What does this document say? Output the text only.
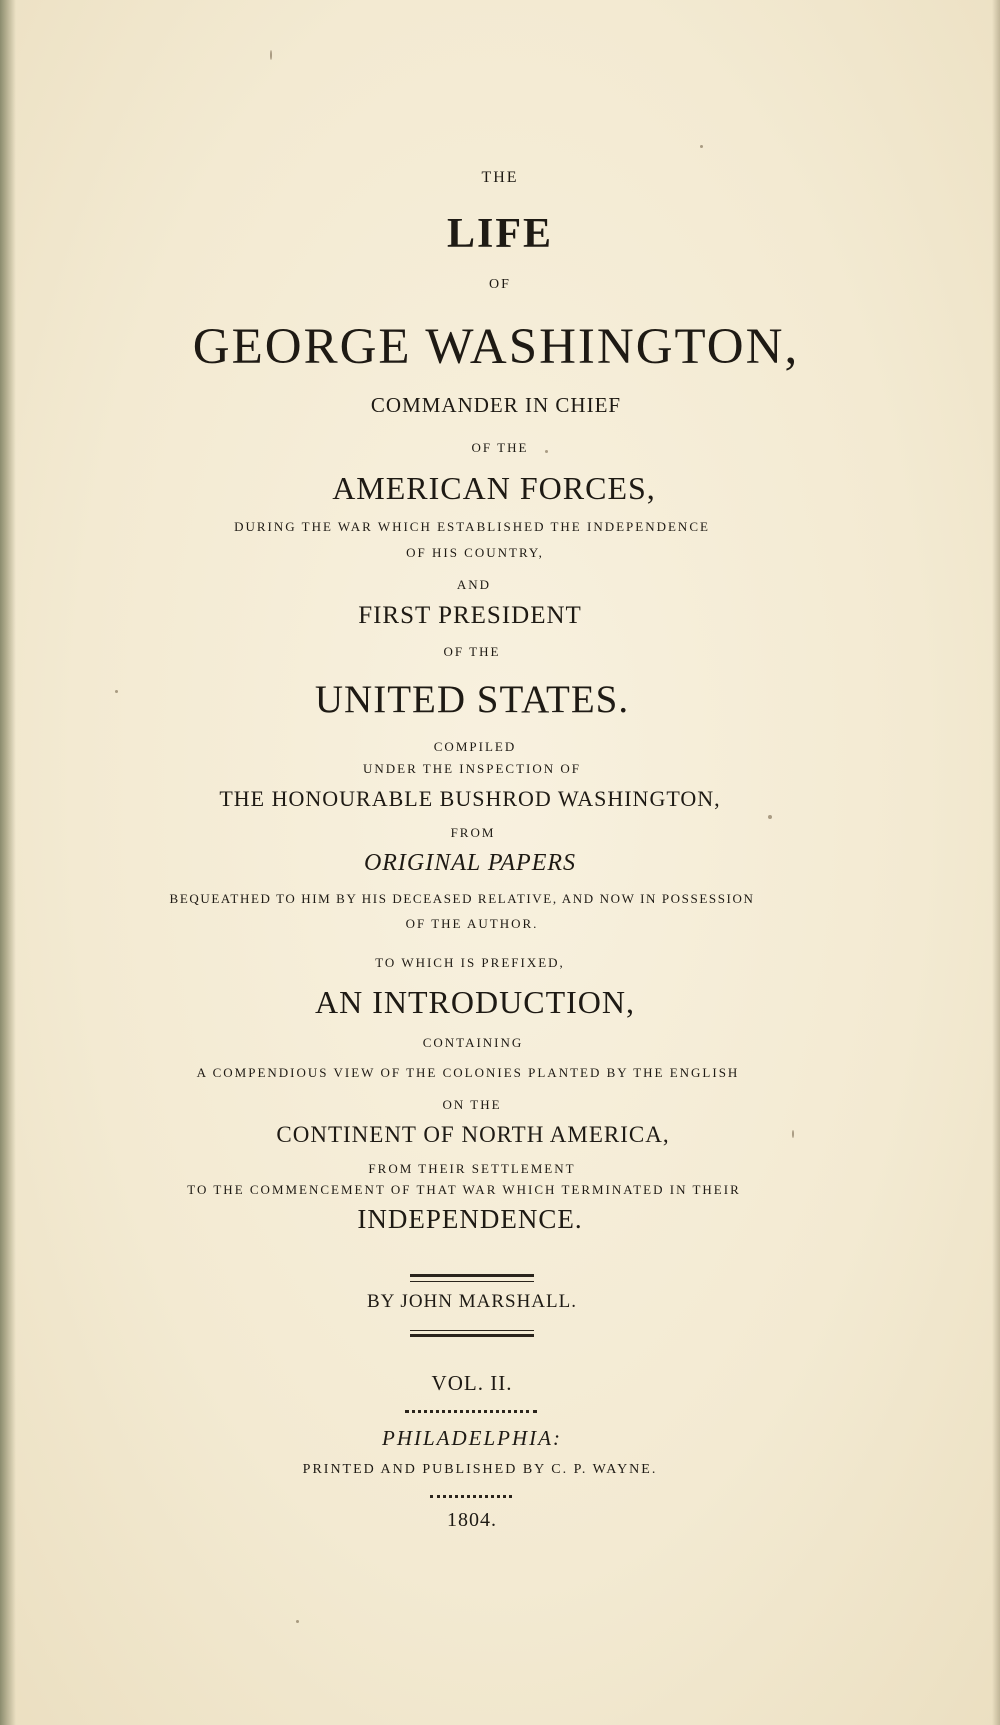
THE
LIFE
OF
GEORGE WASHINGTON,
COMMANDER IN CHIEF
OF THE
AMERICAN FORCES,
DURING THE WAR WHICH ESTABLISHED THE INDEPENDENCE
OF HIS COUNTRY,
AND
FIRST PRESIDENT
OF THE
UNITED STATES.
COMPILED
UNDER THE INSPECTION OF
THE HONOURABLE BUSHROD WASHINGTON,
FROM
ORIGINAL PAPERS
BEQUEATHED TO HIM BY HIS DECEASED RELATIVE, AND NOW IN POSSESSION
OF THE AUTHOR.
TO WHICH IS PREFIXED,
AN INTRODUCTION,
CONTAINING
A COMPENDIOUS VIEW OF THE COLONIES PLANTED BY THE ENGLISH
ON THE
CONTINENT OF NORTH AMERICA,
FROM THEIR SETTLEMENT
TO THE COMMENCEMENT OF THAT WAR WHICH TERMINATED IN THEIR
INDEPENDENCE.
BY JOHN MARSHALL.
VOL. II.
PHILADELPHIA:
PRINTED AND PUBLISHED BY C. P. WAYNE.
1804.
